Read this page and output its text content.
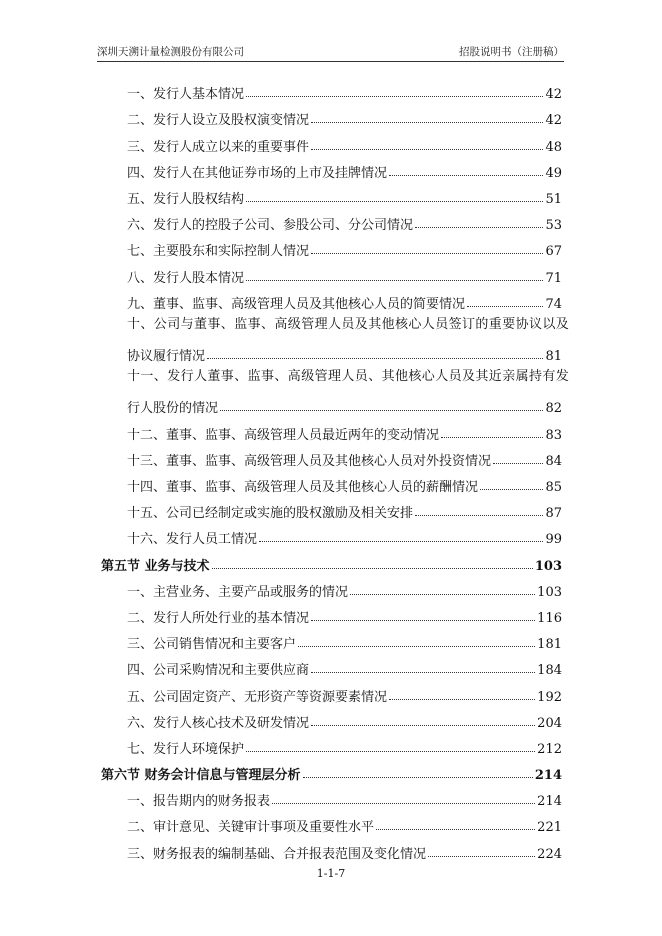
深圳天溯计量检测股份有限公司	招股说明书（注册稿）
一、发行人基本情况	42
二、发行人设立及股权演变情况	42
三、发行人成立以来的重要事件	48
四、发行人在其他证券市场的上市及挂牌情况	49
五、发行人股权结构	51
六、发行人的控股子公司、参股公司、分公司情况	53
七、主要股东和实际控制人情况	67
八、发行人股本情况	71
九、董事、监事、高级管理人员及其他核心人员的简要情况	74
十、公司与董事、监事、高级管理人员及其他核心人员签订的重要协议以及
协议履行情况	81
十一、发行人董事、监事、高级管理人员、其他核心人员及其近亲属持有发
行人股份的情况	82
十二、董事、监事、高级管理人员最近两年的变动情况	83
十三、董事、监事、高级管理人员及其他核心人员对外投资情况	84
十四、董事、监事、高级管理人员及其他核心人员的薪酬情况	85
十五、公司已经制定或实施的股权激励及相关安排	87
十六、发行人员工情况	99
第五节 业务与技术	103
一、主营业务、主要产品或服务的情况	103
二、发行人所处行业的基本情况	116
三、公司销售情况和主要客户	181
四、公司采购情况和主要供应商	184
五、公司固定资产、无形资产等资源要素情况	192
六、发行人核心技术及研发情况	204
七、发行人环境保护	212
第六节 财务会计信息与管理层分析	214
一、报告期内的财务报表	214
二、审计意见、关键审计事项及重要性水平	221
三、财务报表的编制基础、合并报表范围及变化情况	224
1-1-7
